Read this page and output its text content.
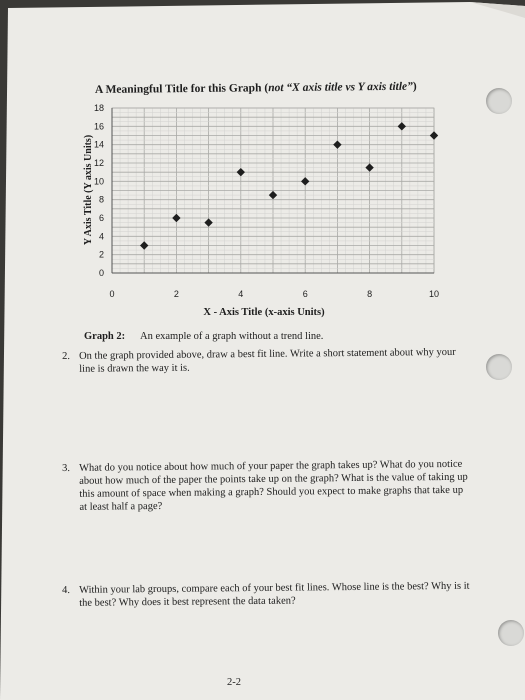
A Meaningful Title for this Graph (not “X axis title vs Y axis title”)
0	2	4	6	8	10
0
2
4
6
8
10
12
14
16
18
X - Axis Title (x-axis Units)
Y Axis Title (Y axis Units)
Graph 2: An example of a graph without a trend line.
2. On the graph provided above, draw a best fit line. Write a short statement about why your line is drawn the way it is.
3. What do you notice about how much of your paper the graph takes up? What do you notice about how much of the paper the points take up on the graph? What is the value of taking up this amount of space when making a graph? Should you expect to make graphs that take up at least half a page?
4. Within your lab groups, compare each of your best fit lines. Whose line is the best? Why is it the best? Why does it best represent the data taken?
2-2
